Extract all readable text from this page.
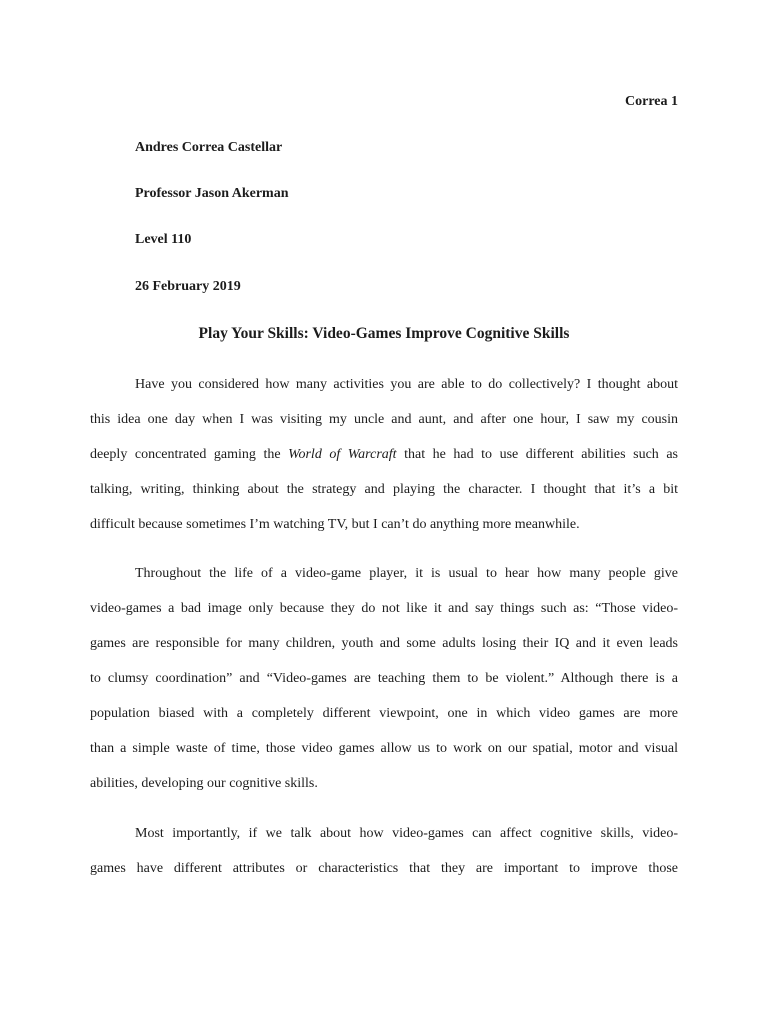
Correa 1
Andres Correa Castellar
Professor Jason Akerman
Level 110
26 February 2019
Play Your Skills: Video-Games Improve Cognitive Skills
Have you considered how many activities you are able to do collectively? I thought about
this idea one day when I was visiting my uncle and aunt, and after one hour, I saw my cousin
deeply concentrated gaming the World of Warcraft that he had to use different abilities such as
talking, writing, thinking about the strategy and playing the character. I thought that it’s a bit
difficult because sometimes I’m watching TV, but I can’t do anything more meanwhile.
Throughout the life of a video-game player, it is usual to hear how many people give
video-games a bad image only because they do not like it and say things such as: “Those video-
games are responsible for many children, youth and some adults losing their IQ and it even leads
to clumsy coordination” and “Video-games are teaching them to be violent.” Although there is a
population biased with a completely different viewpoint, one in which video games are more
than a simple waste of time, those video games allow us to work on our spatial, motor and visual
abilities, developing our cognitive skills.
Most importantly, if we talk about how video-games can affect cognitive skills, video-
games have different attributes or characteristics that they are important to improve those
